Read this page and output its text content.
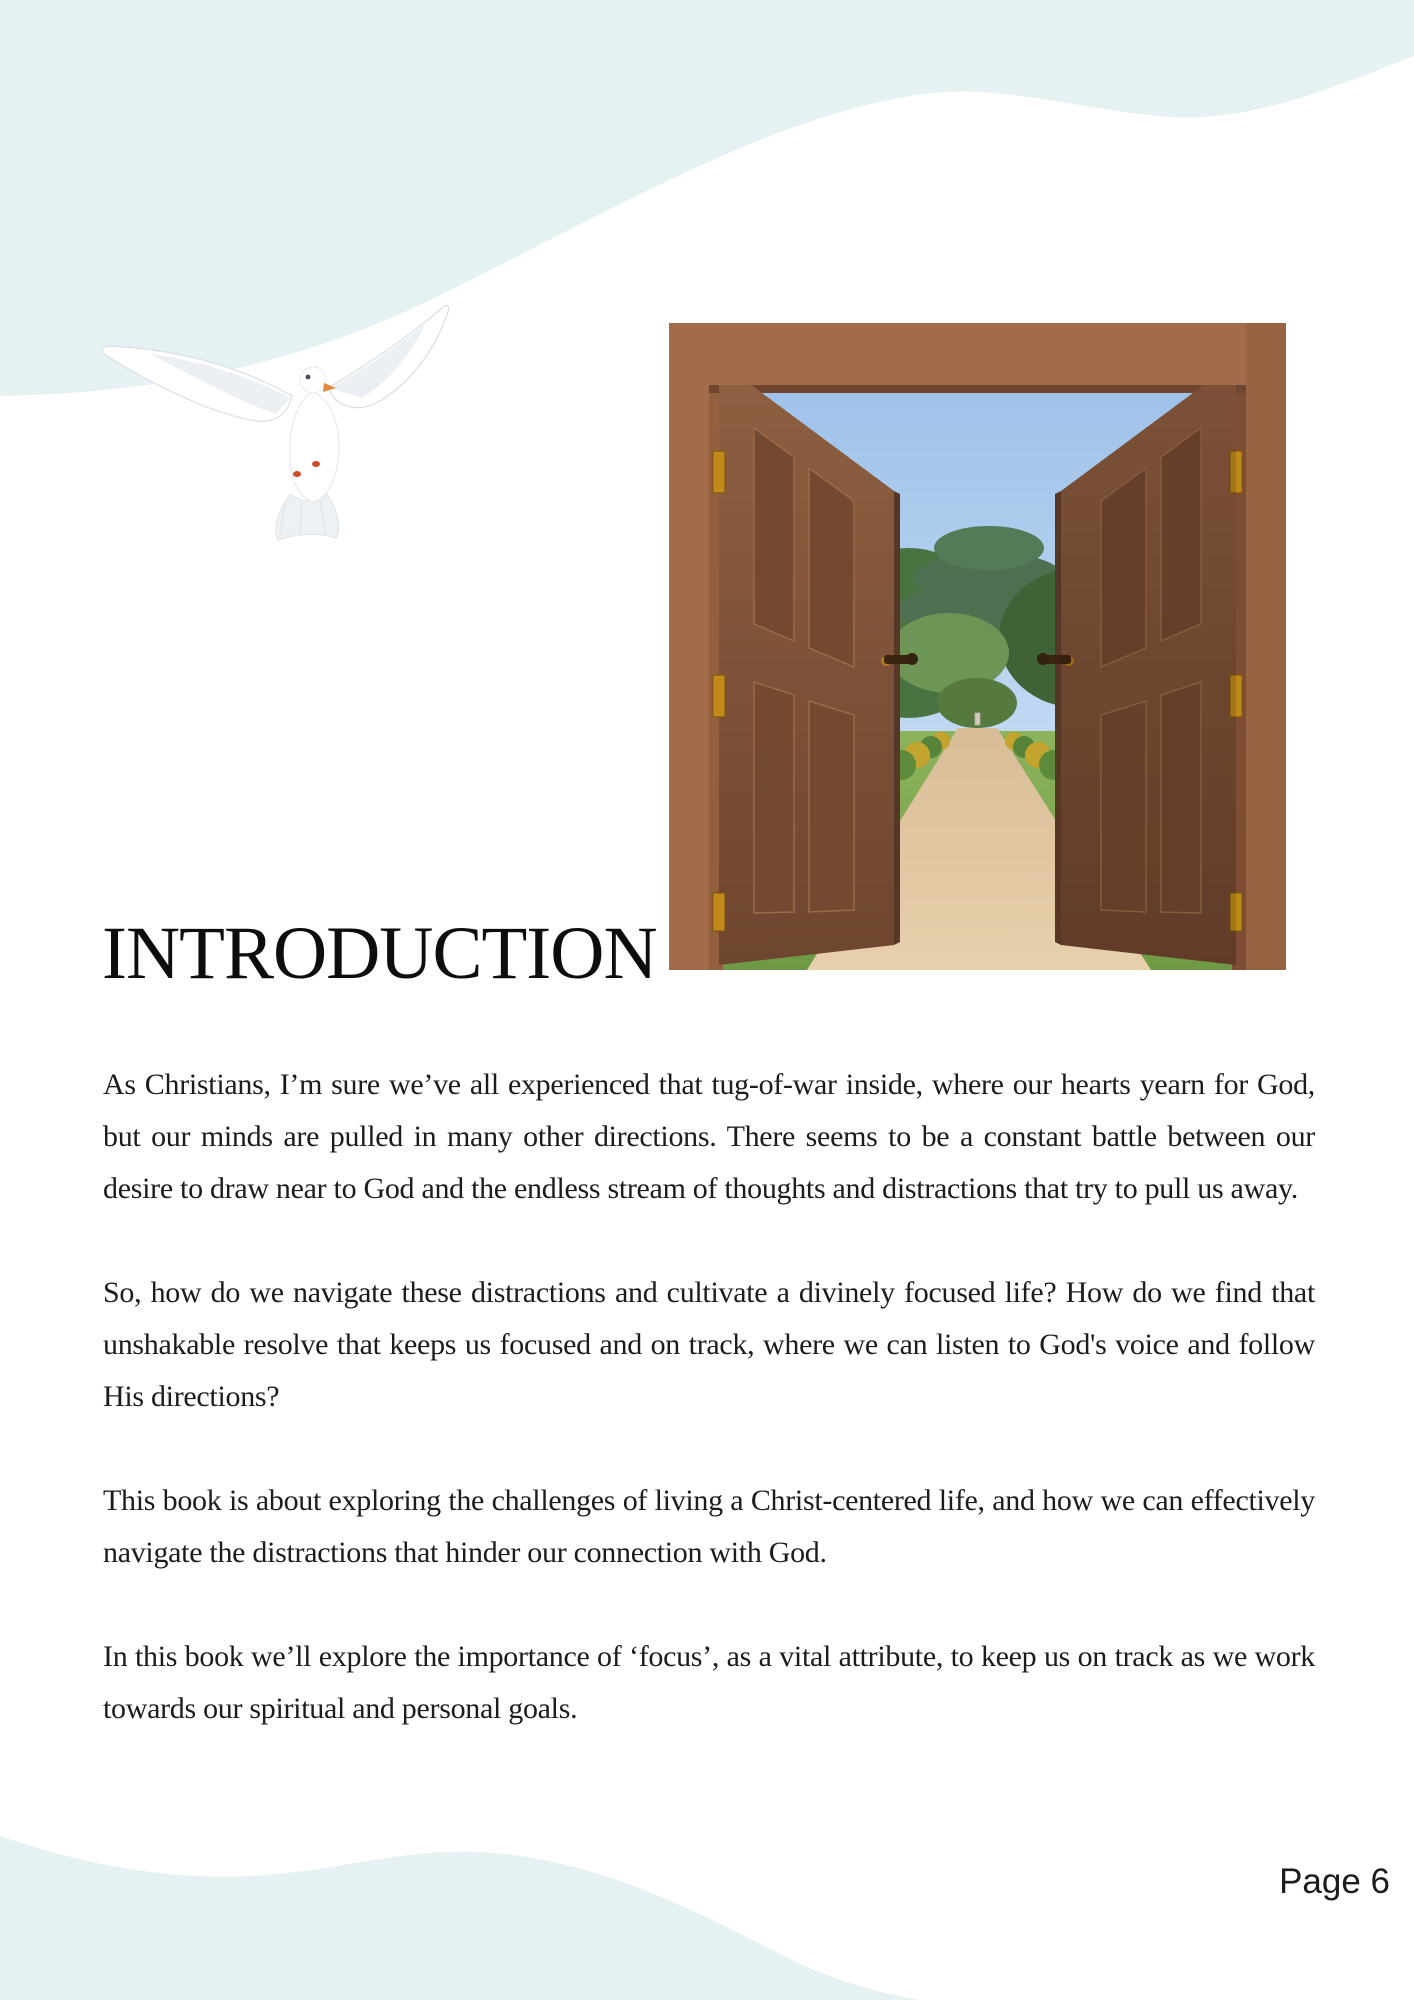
INTRODUCTION

As Christians, I’m sure we’ve all experienced that tug-of-war inside, where our hearts yearn for God, but our minds are pulled in many other directions. There seems to be a constant battle between our desire to draw near to God and the endless stream of thoughts and distractions that try to pull us away.

So, how do we navigate these distractions and cultivate a divinely focused life? How do we find that unshakable resolve that keeps us focused and on track, where we can listen to God's voice and follow His directions?

This book is about exploring the challenges of living a Christ-centered life, and how we can effectively navigate the distractions that hinder our connection with God.

In this book we’ll explore the importance of ‘focus’, as a vital attribute, to keep us on track as we work towards our spiritual and personal goals.

Page 6
